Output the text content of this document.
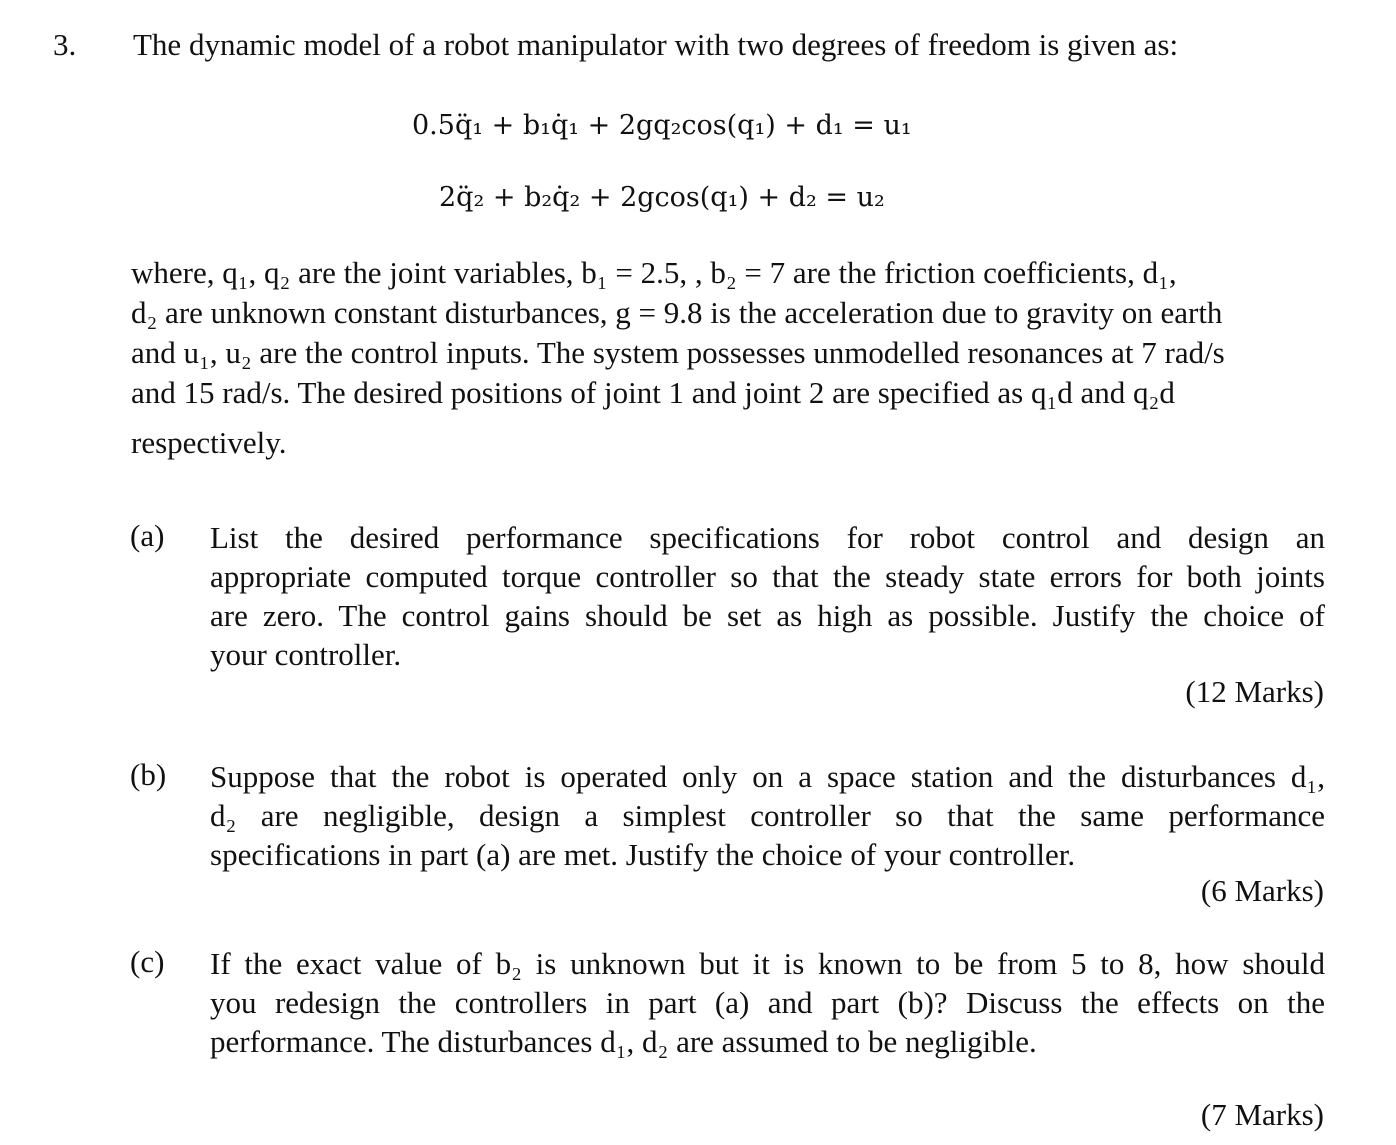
3. The dynamic model of a robot manipulator with two degrees of freedom is given as:
0.5q̈₁ + b₁q̇₁ + 2gq₂cos(q₁) + d₁ = u₁
2q̈₂ + b₂q̇₂ + 2gcos(q₁) + d₂ = u₂
where, q₁, q₂ are the joint variables, b₁ = 2.5, , b₂ = 7 are the friction coefficients, d₁,
d₂ are unknown constant disturbances, g = 9.8 is the acceleration due to gravity on earth
and u₁, u₂ are the control inputs. The system possesses unmodelled resonances at 7 rad/s
and 15 rad/s. The desired positions of joint 1 and joint 2 are specified as q₁d and q₂d
respectively.
(a) List the desired performance specifications for robot control and design an
appropriate computed torque controller so that the steady state errors for both joints
are zero. The control gains should be set as high as possible. Justify the choice of
your controller.
(12 Marks)
(b) Suppose that the robot is operated only on a space station and the disturbances d₁,
d₂ are negligible, design a simplest controller so that the same performance
specifications in part (a) are met. Justify the choice of your controller.
(6 Marks)
(c) If the exact value of b₂ is unknown but it is known to be from 5 to 8, how should
you redesign the controllers in part (a) and part (b)? Discuss the effects on the
performance. The disturbances d₁, d₂ are assumed to be negligible.
(7 Marks)
